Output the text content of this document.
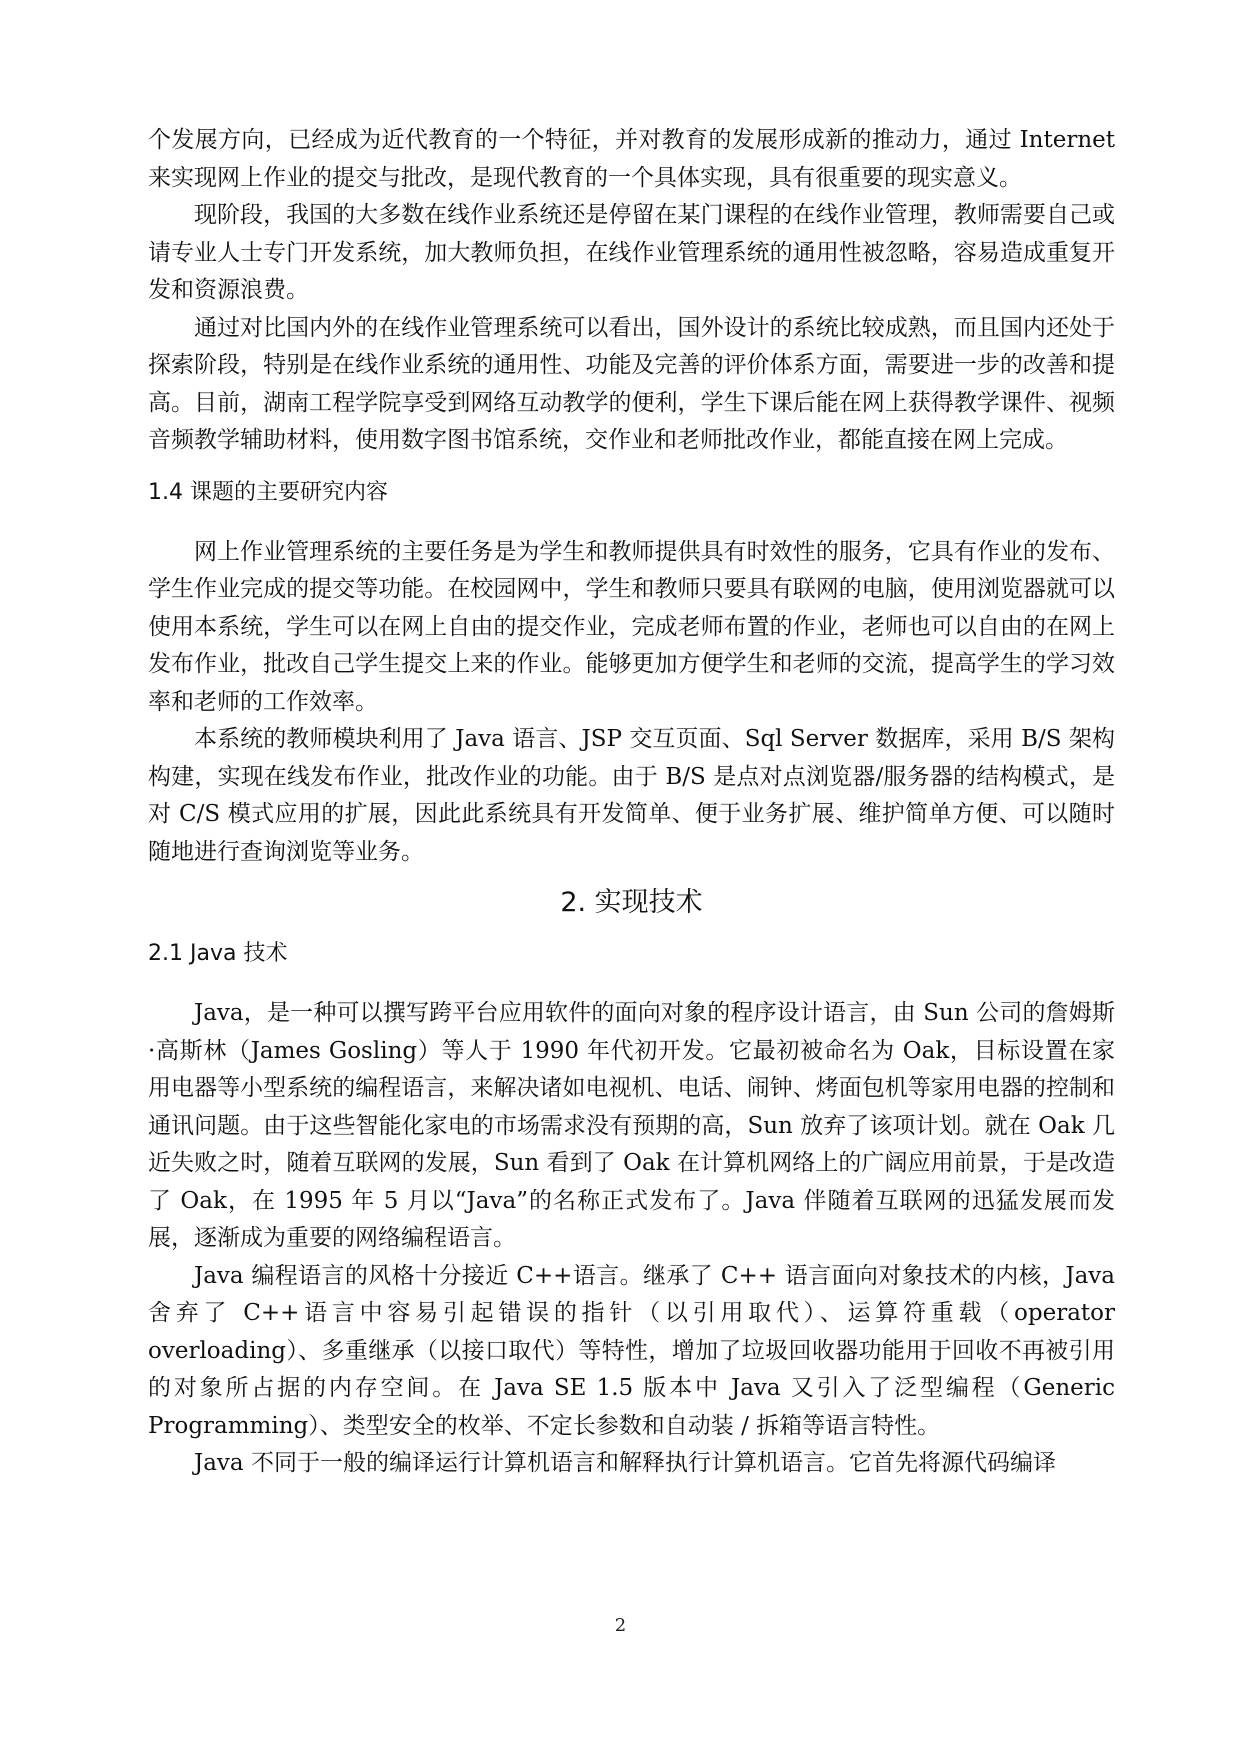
个发展方向，已经成为近代教育的一个特征，并对教育的发展形成新的推动力，通过 Internet 来实现网上作业的提交与批改，是现代教育的一个具体实现，具有很重要的现实意义。

现阶段，我国的大多数在线作业系统还是停留在某门课程的在线作业管理，教师需要自己或请专业人士专门开发系统，加大教师负担，在线作业管理系统的通用性被忽略，容易造成重复开发和资源浪费。

通过对比国内外的在线作业管理系统可以看出，国外设计的系统比较成熟，而且国内还处于探索阶段，特别是在线作业系统的通用性、功能及完善的评价体系方面，需要进一步的改善和提高。目前，湖南工程学院享受到网络互动教学的便利，学生下课后能在网上获得教学课件、视频音频教学辅助材料，使用数字图书馆系统，交作业和老师批改作业，都能直接在网上完成。

1.4 课题的主要研究内容

网上作业管理系统的主要任务是为学生和教师提供具有时效性的服务，它具有作业的发布、学生作业完成的提交等功能。在校园网中，学生和教师只要具有联网的电脑，使用浏览器就可以使用本系统，学生可以在网上自由的提交作业，完成老师布置的作业，老师也可以自由的在网上发布作业，批改自己学生提交上来的作业。能够更加方便学生和老师的交流，提高学生的学习效率和老师的工作效率。

本系统的教师模块利用了 Java 语言、JSP 交互页面、Sql Server 数据库，采用 B/S 架构构建，实现在线发布作业，批改作业的功能。由于 B/S 是点对点浏览器/服务器的结构模式，是对 C/S 模式应用的扩展，因此此系统具有开发简单、便于业务扩展、维护简单方便、可以随时随地进行查询浏览等业务。

2. 实现技术
2.1 Java 技术

Java，是一种可以撰写跨平台应用软件的面向对象的程序设计语言，由 Sun 公司的詹姆斯·高斯林（James Gosling）等人于 1990 年代初开发。它最初被命名为 Oak，目标设置在家用电器等小型系统的编程语言，来解决诸如电视机、电话、闹钟、烤面包机等家用电器的控制和通讯问题。由于这些智能化家电的市场需求没有预期的高，Sun 放弃了该项计划。就在 Oak 几近失败之时，随着互联网的发展，Sun 看到了 Oak 在计算机网络上的广阔应用前景，于是改造了 Oak，在 1995 年 5 月以“Java”的名称正式发布了。Java 伴随着互联网的迅猛发展而发展，逐渐成为重要的网络编程语言。

Java 编程语言的风格十分接近 C++语言。继承了 C++ 语言面向对象技术的内核，Java 舍弃了 C++语言中容易引起错误的指针（以引用取代）、运算符重载（operator overloading）、多重继承（以接口取代）等特性，增加了垃圾回收器功能用于回收不再被引用的对象所占据的内存空间。在 Java SE 1.5 版本中 Java 又引入了泛型编程（Generic Programming）、类型安全的枚举、不定长参数和自动装 / 拆箱等语言特性。

Java 不同于一般的编译运行计算机语言和解释执行计算机语言。它首先将源代码编译

2
